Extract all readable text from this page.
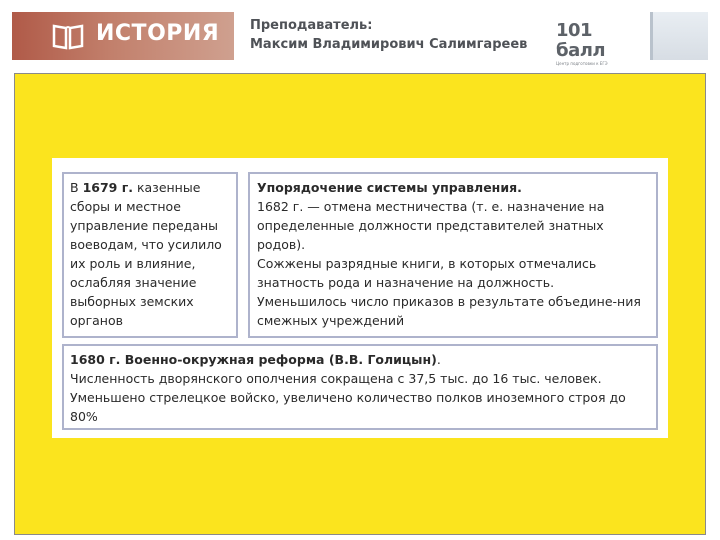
ИСТОРИЯ Преподаватель:
Максим Владимирович Салимгареев
101 балл
Центр подготовки к ЕГЭ
В 1679 г. казенные сборы и местное управление переданы воеводам, что усилило их роль и влияние, ослабляя значение выборных земских органов
Упорядочение системы управления.
1682 г. — отмена местничества (т. е. назначение на определенные должности представителей знатных родов).
Сожжены разрядные книги, в которых отмечались знатность рода и назначение на должность.
Уменьшилось число приказов в результате объедине-ния смежных учреждений
1680 г. Военно-окружная реформа (В.В. Голицын).
Численность дворянского ополчения сокращена с 37,5 тыс. до 16 тыс. человек. Уменьшено стрелецкое войско, увеличено количество полков иноземного строя до 80%
